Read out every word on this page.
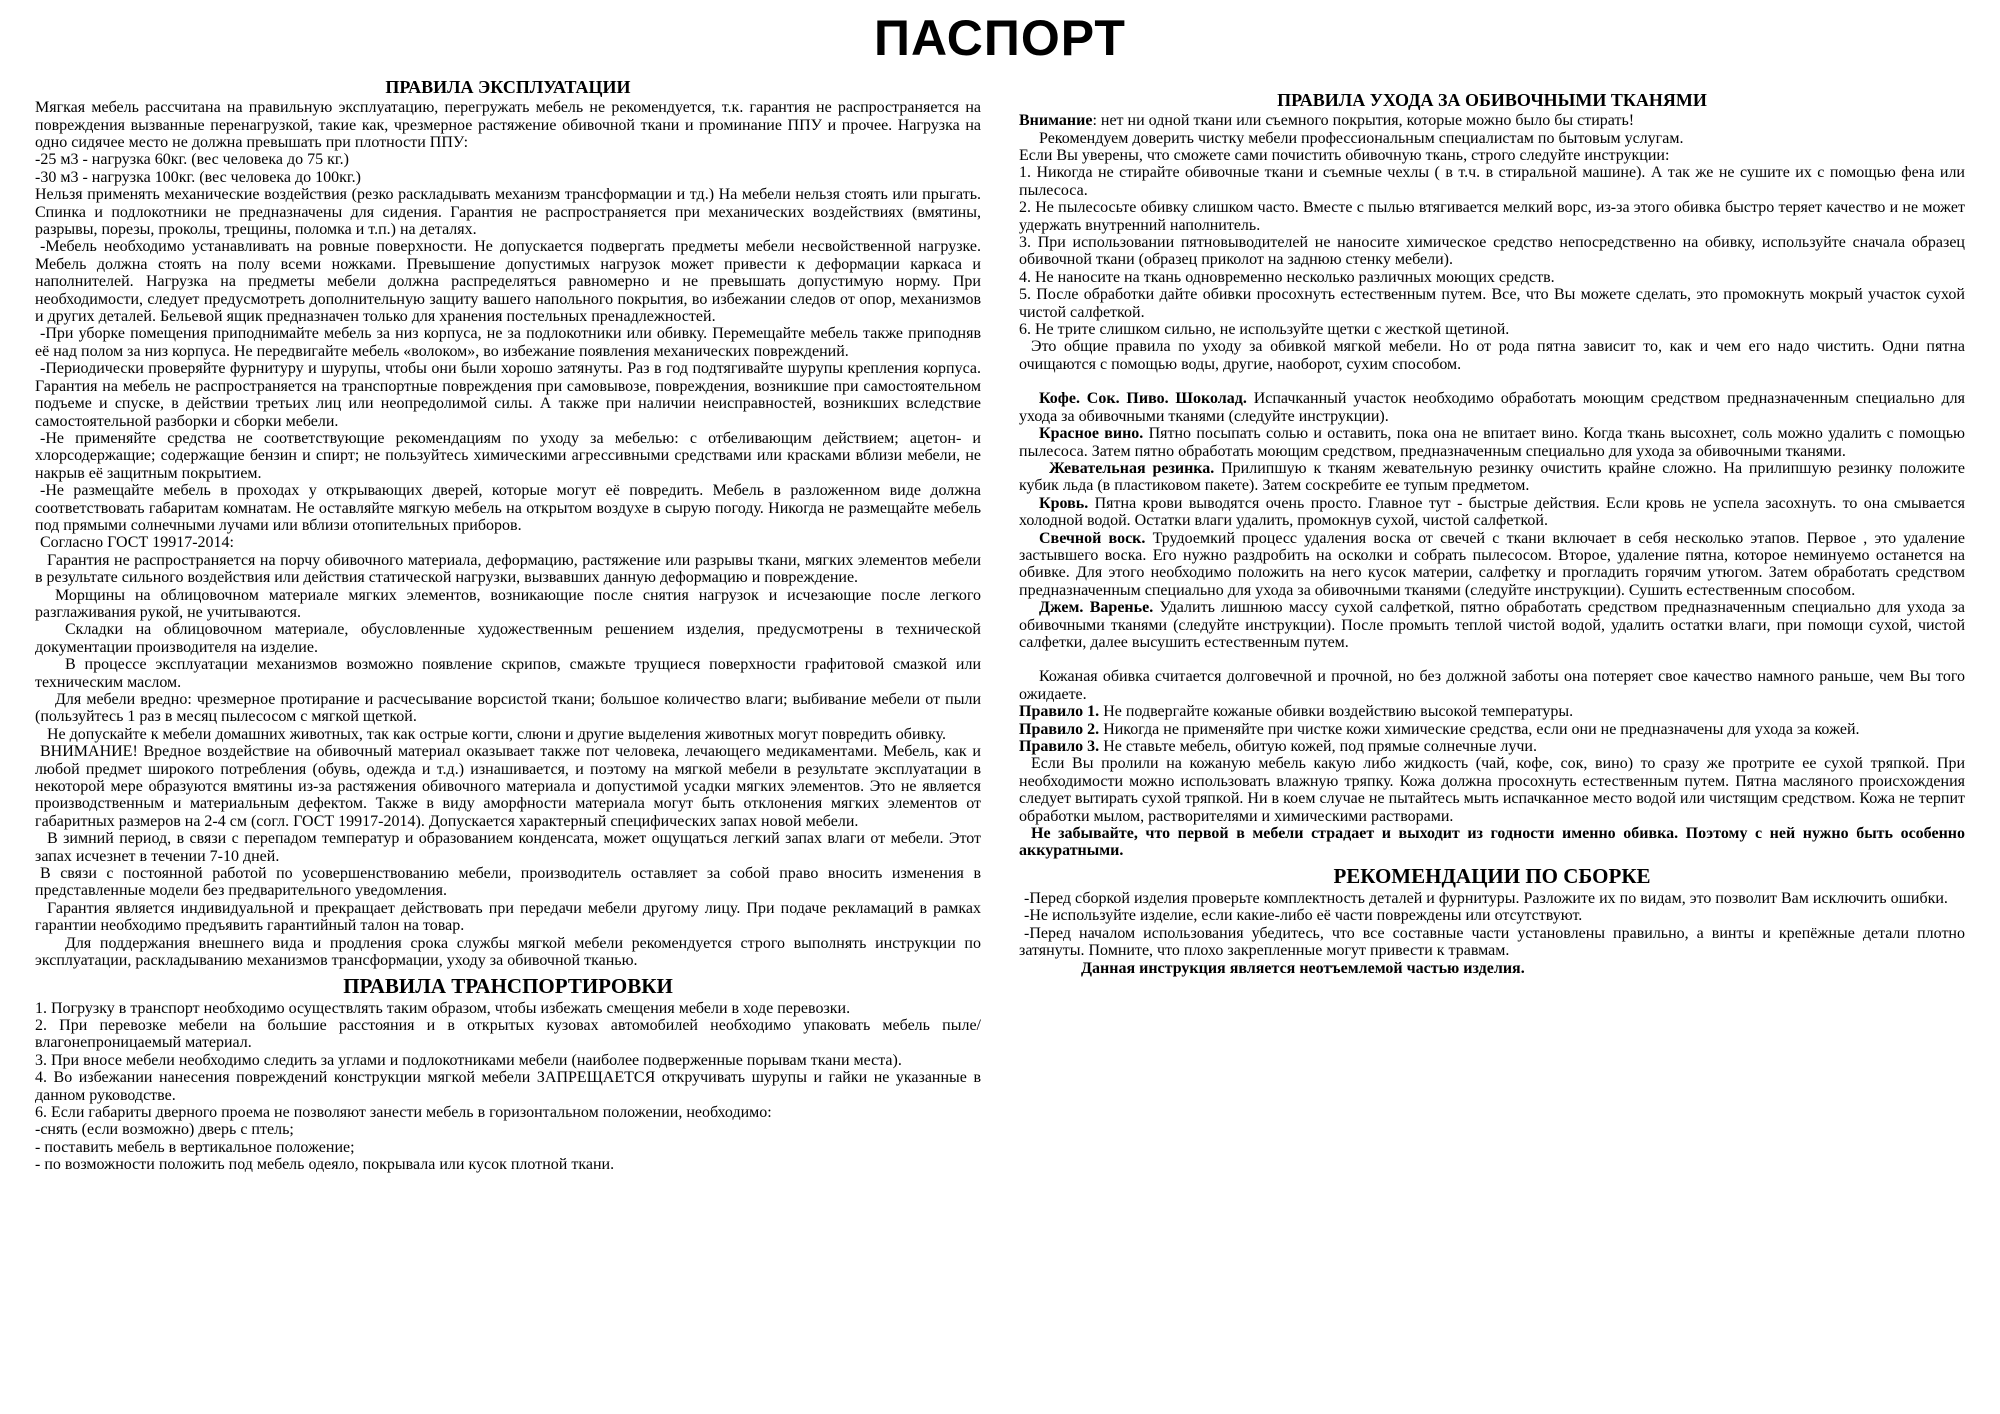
ПАСПОРТ
ПРАВИЛА ЭКСПЛУАТАЦИИ

Мягкая мебель рассчитана на правильную эксплуатацию, перегружать мебель не рекомендуется, т.к. гарантия не распространяется на повреждения вызванные перенагрузкой, такие как, чрезмерное растяжение обивочной ткани и проминание ППУ и прочее. Нагрузка на одно сидячее место не должна превышать при плотности ППУ:

-25 м3 - нагрузка 60кг. (вес человека до 75 кг.)

-30 м3 - нагрузка 100кг. (вес человека до 100кг.)

Нельзя применять механические воздействия (резко раскладывать механизм трансформации и тд.) На мебели нельзя стоять или прыгать. Спинка и подлокотники не предназначены для сидения. Гарантия не распространяется при механических воздействиях (вмятины, разрывы, порезы, проколы, трещины, поломка и т.п.) на деталях.

-Мебель необходимо устанавливать на ровные поверхности. Не допускается подвергать предметы мебели несвойственной нагрузке. Мебель должна стоять на полу всеми ножками. Превышение допустимых нагрузок может привести к деформации каркаса и наполнителей. Нагрузка на предметы мебели должна распределяться равномерно и не превышать допустимую норму. При необходимости, следует предусмотреть дополнительную защиту вашего напольного покрытия, во избежании следов от опор, механизмов и других деталей. Бельевой ящик предназначен только для хранения постельных пренадлежностей.

-При уборке помещения приподнимайте мебель за низ корпуса, не за подлокотники или обивку. Перемещайте мебель также приподняв её над полом за низ корпуса. Не передвигайте мебель «волоком», во избежание появления механических повреждений.

-Периодически проверяйте фурнитуру и шурупы, чтобы они были хорошо затянуты. Раз в год подтягивайте шурупы крепления корпуса. Гарантия на мебель не распространяется на транспортные повреждения при самовывозе, повреждения, возникшие при самостоятельном подъеме и спуске, в действии третьих лиц или неопредолимой силы. А также при наличии неисправностей, возникших вследствие самостоятельной разборки и сборки мебели.

-Не применяйте средства не соответствующие рекомендациям по уходу за мебелью: с отбеливающим действием; ацетон- и хлорсодержащие; содержащие бензин и спирт; не пользуйтесь химическими агрессивными средствами или красками вблизи мебели, не накрыв её защитным покрытием.

-Не размещайте мебель в проходах у открывающих дверей, которые могут её повредить. Мебель в разложенном виде должна соответствовать габаритам комнатам. Не оставляйте мягкую мебель на открытом воздухе в сырую погоду. Никогда не размещайте мебель под прямыми солнечными лучами или вблизи отопительных приборов.

Согласно ГОСТ 19917-2014:

Гарантия не распространяется на порчу обивочного материала, деформацию, растяжение или разрывы ткани, мягких элементов мебели в результате сильного воздействия или действия статической нагрузки, вызвавших данную деформацию и повреждение.

Морщины на облицовочном материале мягких элементов, возникающие после снятия нагрузок и исчезающие после легкого разглаживания рукой, не учитываются.

Складки на облицовочном материале, обусловленные художественным решением изделия, предусмотрены в технической документации производителя на изделие.

В процессе эксплуатации механизмов возможно появление скрипов, смажьте трущиеся поверхности графитовой смазкой или техническим маслом.

Для мебели вредно: чрезмерное протирание и расчесывание ворсистой ткани; большое количество влаги; выбивание мебели от пыли (пользуйтесь 1 раз в месяц пылесосом с мягкой щеткой.

Не допускайте к мебели домашних животных, так как острые когти, слюни и другие выделения животных могут повредить обивку.

ВНИМАНИЕ! Вредное воздействие на обивочный материал оказывает также пот человека, лечающего медикаментами. Мебель, как и любой предмет широкого потребления (обувь, одежда и т.д.) изнашивается, и поэтому на мягкой мебели в результате эксплуатации в некоторой мере образуются вмятины из-за растяжения обивочного материала и допустимой усадки мягких элементов. Это не является производственным и материальным дефектом. Также в виду аморфности материала могут быть отклонения мягких элементов от габаритных размеров на 2-4 см (согл. ГОСТ 19917-2014). Допускается характерный специфических запах новой мебели.

В зимний период, в связи с перепадом температур и образованием конденсата, может ощущаться легкий запах влаги от мебели. Этот запах исчезнет в течении 7-10 дней.

В связи с постоянной работой по усовершенствованию мебели, производитель оставляет за собой право вносить изменения в представленные модели без предварительного уведомления.

Гарантия является индивидуальной и прекращает действовать при передачи мебели другому лицу. При подаче рекламаций в рамках гарантии необходимо предъявить гарантийный талон на товар.

Для поддержания внешнего вида и продления срока службы мягкой мебели рекомендуется строго выполнять инструкции по эксплуатации, раскладыванию механизмов трансформации, уходу за обивочной тканью.

ПРАВИЛА ТРАНСПОРТИРОВКИ

1. Погрузку в транспорт необходимо осуществлять таким образом, чтобы избежать смещения мебели в ходе перевозки.

2. При перевозке мебели на большие расстояния и в открытых кузовах автомобилей необходимо упаковать мебель пыле/влагонепроницаемый материал.

3. При вносе мебели необходимо следить за углами и подлокотниками мебели (наиболее подверженные порывам ткани места).

4. Во избежании нанесения повреждений конструкции мягкой мебели ЗАПРЕЩАЕТСЯ откручивать шурупы и гайки не указанные в данном руководстве.

6. Если габариты дверного проема не позволяют занести мебель в горизонтальном положении, необходимо:

-снять (если возможно) дверь с птель;

- поставить мебель в вертикальное положение;

- по возможности положить под мебель одеяло, покрывала или кусок плотной ткани.

ПРАВИЛА УХОДА ЗА ОБИВОЧНЫМИ ТКАНЯМИ

Внимание: нет ни одной ткани или съемного покрытия, которые можно было бы стирать!

Рекомендуем доверить чистку мебели профессиональным специалистам по бытовым услугам.

Если Вы уверены, что сможете сами почистить обивочную ткань, строго следуйте инструкции:

1. Никогда не стирайте обивочные ткани и съемные чехлы ( в т.ч. в стиральной машине). А так же не сушите их с помощью фена или пылесоса.

2. Не пылесосьте обивку слишком часто. Вместе с пылью втягивается мелкий ворс, из-за этого обивка быстро теряет качество и не может удержать внутренний наполнитель.

3. При использовании пятновыводителей не наносите химическое средство непосредственно на обивку, используйте сначала образец обивочной ткани (образец приколот на заднюю стенку мебели).

4. Не наносите на ткань одновременно несколько различных моющих средств.

5. После обработки дайте обивки просохнуть естественным путем. Все, что Вы можете сделать, это промокнуть мокрый участок сухой чистой салфеткой.

6. Не трите слишком сильно, не используйте щетки с жесткой щетиной.

Это общие правила по уходу за обивкой мягкой мебели. Но от рода пятна зависит то, как и чем его надо чистить. Одни пятна очищаются с помощью воды, другие, наоборот, сухим способом.

Кофе. Сок. Пиво. Шоколад. Испачканный участок необходимо обработать моющим средством предназначенным специально для ухода за обивочными тканями (следуйте инструкции).

Красное вино. Пятно посыпать солью и оставить, пока она не впитает вино. Когда ткань высохнет, соль можно удалить с помощью пылесоса. Затем пятно обработать моющим средством, предназначенным специально для ухода за обивочными тканями.

Жевательная резинка. Прилипшую к тканям жевательную резинку очистить крайне сложно. На прилипшую резинку положите кубик льда (в пластиковом пакете). Затем соскребите ее тупым предметом.

Кровь. Пятна крови выводятся очень просто. Главное тут - быстрые действия. Если кровь не успела засохнуть. то она смывается холодной водой. Остатки влаги удалить, промокнув сухой, чистой салфеткой.

Свечной воск. Трудоемкий процесс удаления воска от свечей с ткани включает в себя несколько этапов. Первое , это удаление застывшего воска. Его нужно раздробить на осколки и собрать пылесосом. Второе, удаление пятна, которое неминуемо останется на обивке. Для этого необходимо положить на него кусок материи, салфетку и прогладить горячим утюгом. Затем обработать средством предназначенным специально для ухода за обивочными тканями (следуйте инструкции). Сушить естественным способом.

Джем. Варенье. Удалить лишнюю массу сухой салфеткой, пятно обработать средством предназначенным специально для ухода за обивочными тканями (следуйте инструкции). После промыть теплой чистой водой, удалить остатки влаги, при помощи сухой, чистой салфетки, далее высушить естественным путем.

Кожаная обивка считается долговечной и прочной, но без должной заботы она потеряет свое качество намного раньше, чем Вы того ожидаете.

Правило 1. Не подвергайте кожаные обивки воздействию высокой температуры.

Правило 2. Никогда не применяйте при чистке кожи химические средства, если они не предназначены для ухода за кожей.

Правило 3. Не ставьте мебель, обитую кожей, под прямые солнечные лучи.

Если Вы пролили на кожаную мебель какую либо жидкость (чай, кофе, сок, вино) то сразу же протрите ее сухой тряпкой. При необходимости можно использовать влажную тряпку. Кожа должна просохнуть естественным путем. Пятна масляного происхождения следует вытирать сухой тряпкой. Ни в коем случае не пытайтесь мыть испачканное место водой или чистящим средством. Кожа не терпит обработки мылом, растворителями и химическими растворами.

Не забывайте, что первой в мебели страдает и выходит из годности именно обивка. Поэтому с ней нужно быть особенно аккуратными.

РЕКОМЕНДАЦИИ ПО СБОРКЕ

-Перед сборкой изделия проверьте комплектность деталей и фурнитуры. Разложите их по видам, это позволит Вам исключить ошибки.

-Не используйте изделие, если какие-либо её части повреждены или отсутствуют.

-Перед началом использования убедитесь, что все составные части установлены правильно, а винты и крепёжные детали плотно затянуты. Помните, что плохо закрепленные могут привести к травмам.

Данная инструкция является неотъемлемой частью изделия.
